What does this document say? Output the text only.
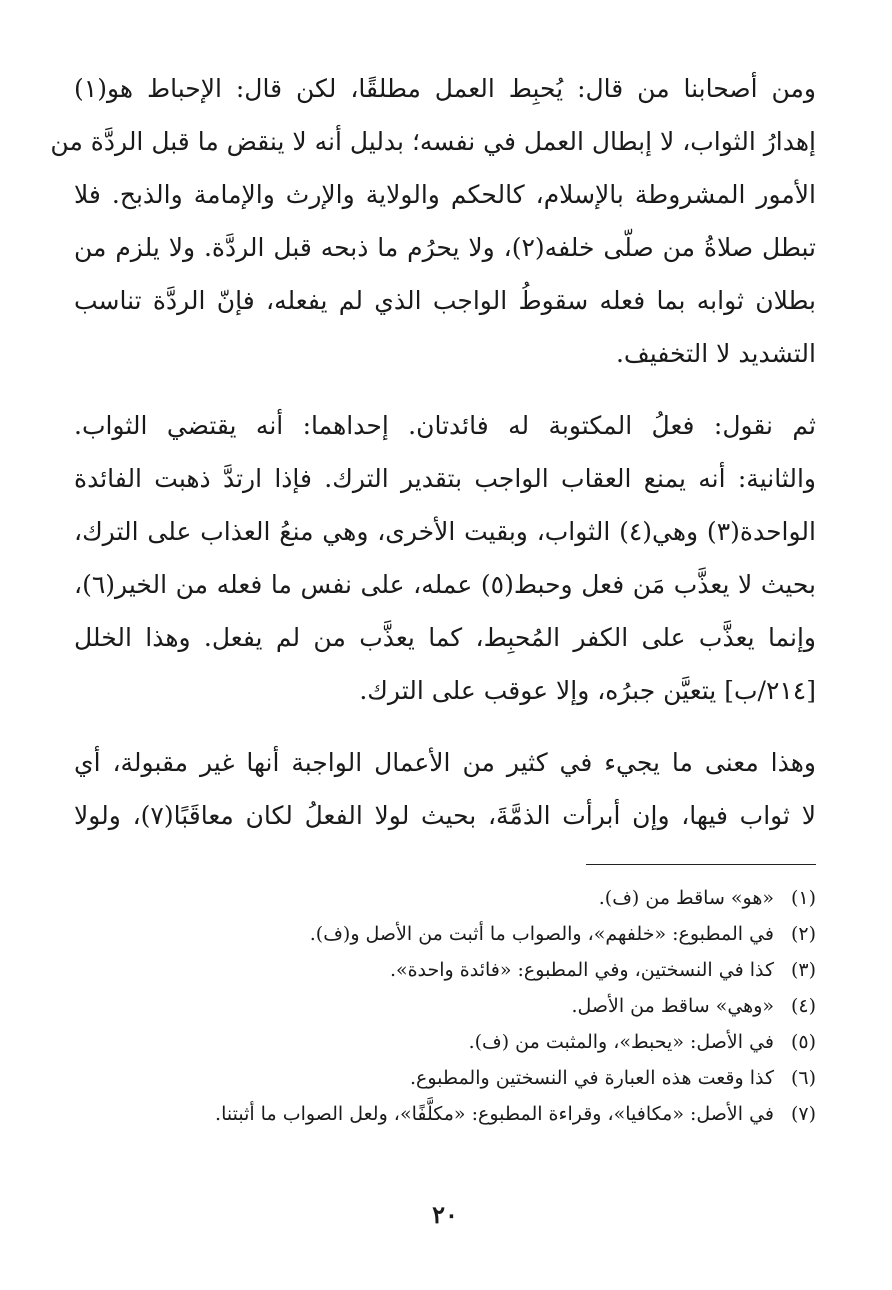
ومن أصحابنا من قال: يُحبِط العمل مطلقًا، لكن قال: الإحباط هو(١)
إهدارُ الثواب، لا إبطال العمل في نفسه؛ بدليل أنه لا ينقض ما قبل الردَّة من
الأمور المشروطة بالإسلام، كالحكم والولاية والإرث والإمامة والذبح. فلا
تبطل صلاةُ من صلّى خلفه(٢)، ولا يحرُم ما ذبحه قبل الردَّة. ولا يلزم من
بطلان ثوابه بما فعله سقوطُ الواجب الذي لم يفعله، فإنّ الردَّة تناسب
التشديد لا التخفيف.
ثم نقول: فعلُ المكتوبة له فائدتان. إحداهما: أنه يقتضي الثواب.
والثانية: أنه يمنع العقاب الواجب بتقدير الترك. فإذا ارتدَّ ذهبت الفائدة
الواحدة(٣) وهي(٤) الثواب، وبقيت الأخرى، وهي منعُ العذاب على الترك،
بحيث لا يعذَّب مَن فعل وحبط(٥) عمله، على نفس ما فعله من الخير(٦)،
وإنما يعذَّب على الكفر المُحبِط، كما يعذَّب من لم يفعل. وهذا الخلل
[٢١٤/ب] يتعيَّن جبرُه، وإلا عوقب على الترك.
وهذا معنى ما يجيء في كثير من الأعمال الواجبة أنها غير مقبولة، أي
لا ثواب فيها، وإن أبرأت الذمَّةَ، بحيث لولا الفعلُ لكان معاقَبًا(٧)، ولولا
(١)«هو» ساقط من (ف).
(٢)في المطبوع: «خلفهم»، والصواب ما أثبت من الأصل و(ف).
(٣)كذا في النسختين، وفي المطبوع: «فائدة واحدة».
(٤)«وهي» ساقط من الأصل.
(٥)في الأصل: «يحبط»، والمثبت من (ف).
(٦)كذا وقعت هذه العبارة في النسختين والمطبوع.
(٧)في الأصل: «مكافيا»، وقراءة المطبوع: «مكلَّفًا»، ولعل الصواب ما أثبتنا.
٢٠
